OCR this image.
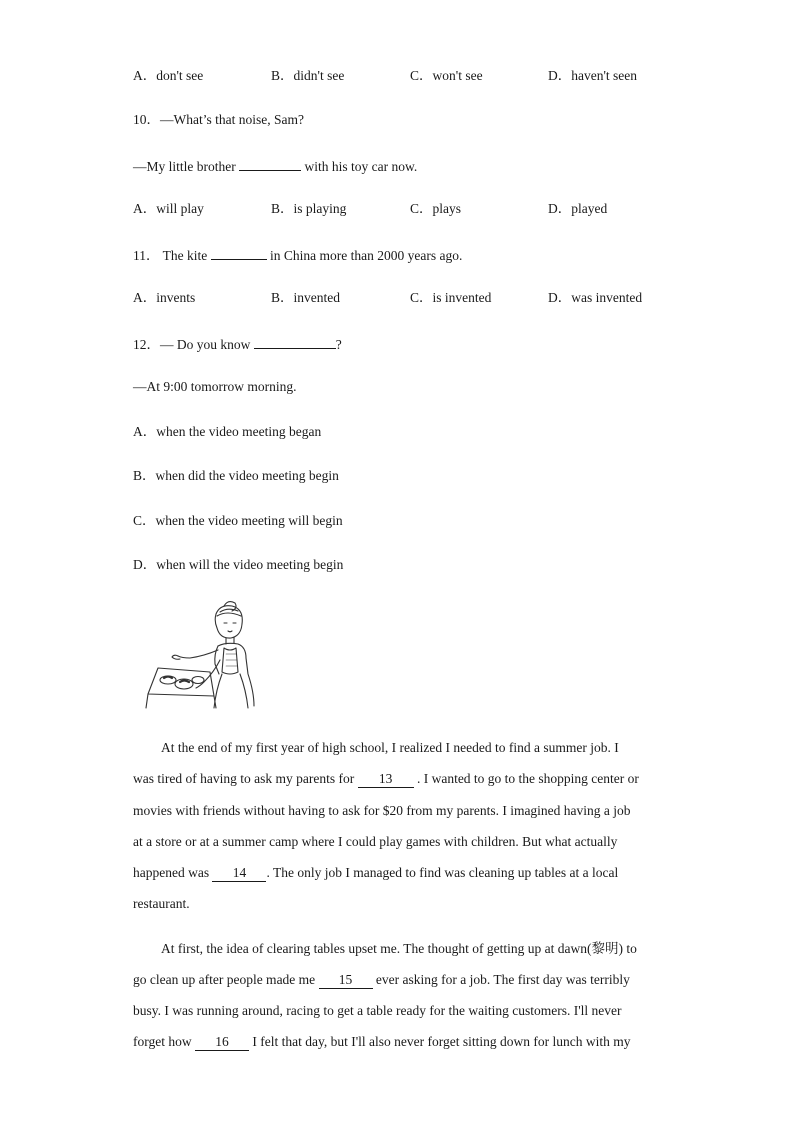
A．don't see	B．didn't see	C．won't see	D．haven't seen
10．—What’s that noise, Sam?
—My little brother	with his toy car now.
A．will play	B．is playing	C．plays	D．played
11． The kite	in China more than 2000 years ago.
A．invents	B．invented	C．is invented	D．was invented
12．— Do you know	?
—At 9:00 tomorrow morning.
A．when the video meeting began
B．when did the video meeting begin
C．when the video meeting will begin
D．when will the video meeting begin
At the end of my first year of high school, I realized I needed to find a summer job. I
was tired of having to ask my parents for 13 . I wanted to go to the shopping center or
movies with friends without having to ask for $20 from my parents. I imagined having a job
at a store or at a summer camp where I could play games with children. But what actually
happened was 14 . The only job I managed to find was cleaning up tables at a local
restaurant.
At first, the idea of clearing tables upset me. The thought of getting up at dawn(黎明) to
go clean up after people made me 15 ever asking for a job. The first day was terribly
busy. I was running around, racing to get a table ready for the waiting customers. I'll never
forget how 16 I felt that day, but I'll also never forget sitting down for lunch with my
